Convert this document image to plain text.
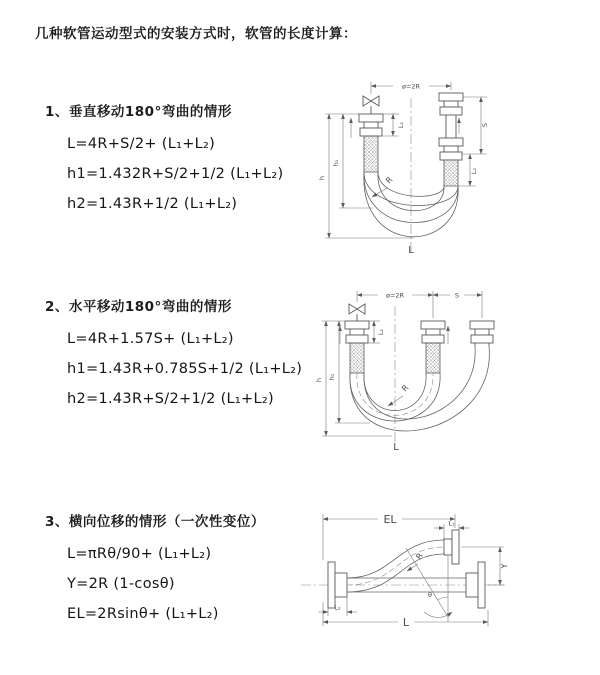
几种软管运动型式的安装方式时，软管的长度计算：
1、垂直移动180°弯曲的情形
L=4R+S/2+ (L₁+L₂)
h1=1.432R+S/2+1/2 (L₁+L₂)
h2=1.43R+1/2 (L₁+L₂)
ø=2R
h
h₁
L₁	S
L₂
R
L
2、水平移动180°弯曲的情形
L=4R+1.57S+ (L₁+L₂)
h1=1.43R+0.785S+1/2 (L₁+L₂)
h2=1.43R+S/2+1/2 (L₁+L₂)
ø=2R	S
h h₁
L₁
R
L
3、横向位移的情形（一次性变位）
L=πRθ/90+ (L₁+L₂)
Y=2R (1-cosθ)
EL=2Rsinθ+ (L₁+L₂)
θ
EL	L₁
Y
R
L
L₂
